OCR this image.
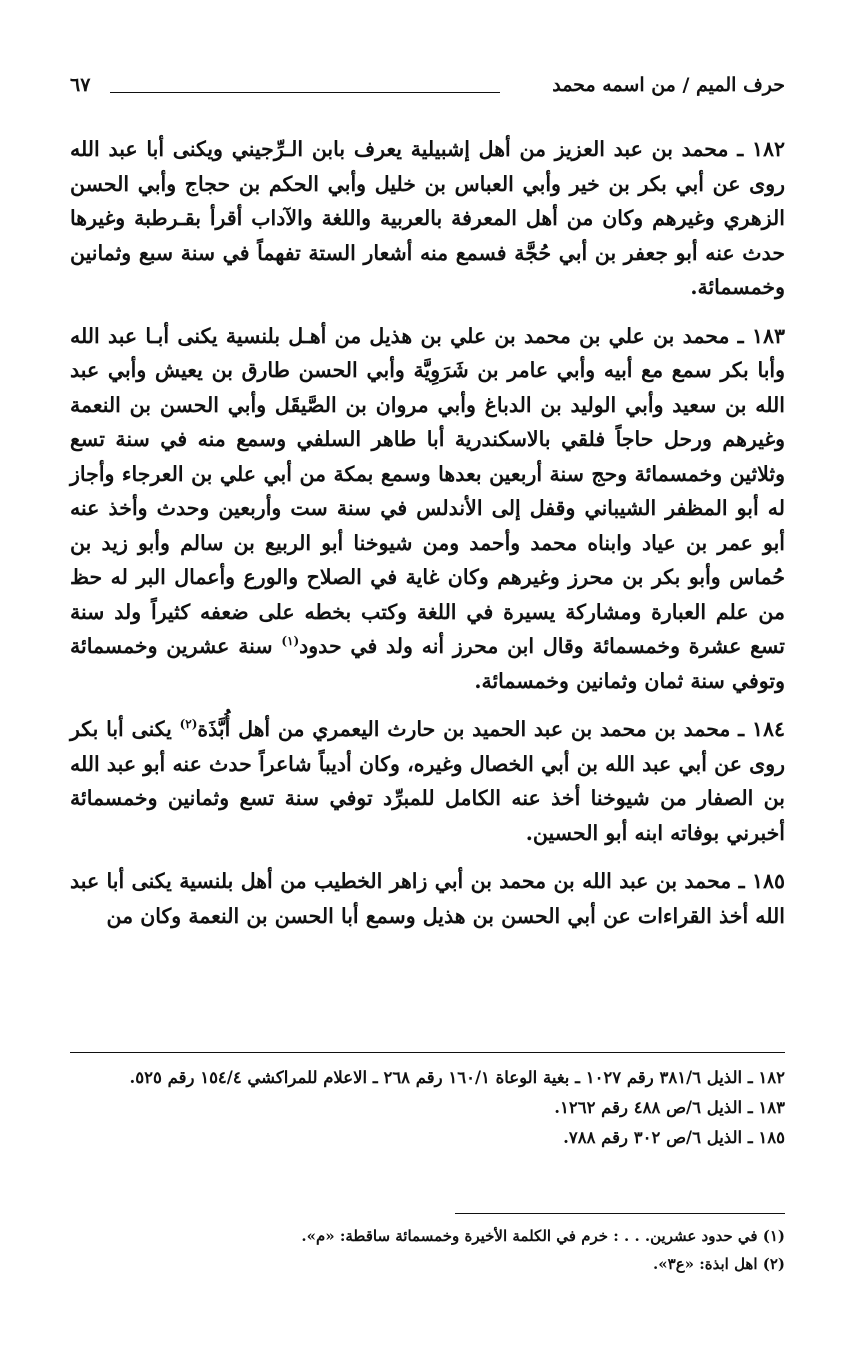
حرف الميم / من اسمه محمد
٦٧

١٨٢ ـ محمد بن عبد العزيز من أهل إشبيلية يعرف بابن الـرِّجيني ويكنى أبا عبد الله روى عن أبي بكر بن خير وأبي العباس بن خليل وأبي الحكم بن حجاج وأبي الحسن الزهري وغيرهم وكان من أهل المعرفة بالعربية واللغة والآداب أقرأ بقـرطبة وغيرها حدث عنه أبو جعفر بن أبي حُجَّة فسمع منه أشعار الستة تفهماً في سنة سبع وثمانين وخمسمائة.

١٨٣ ـ محمد بن علي بن محمد بن علي بن هذيل من أهـل بلنسية يكنى أبـا عبد الله وأبا بكر سمع مع أبيه وأبي عامر بن شَرَوِيَّة وأبي الحسن طارق بن يعيش وأبي عبد الله بن سعيد وأبي الوليد بن الدباغ وأبي مروان بن الصَّيقَل وأبي الحسن بن النعمة وغيرهم ورحل حاجاً فلقي بالاسكندرية أبا طاهر السلفي وسمع منه في سنة تسع وثلاثين وخمسمائة وحج سنة أربعين بعدها وسمع بمكة من أبي علي بن العرجاء وأجاز له أبو المظفر الشيباني وقفل إلى الأندلس في سنة ست وأربعين وحدث وأخذ عنه أبو عمر بن عياد وابناه محمد وأحمد ومن شيوخنا أبو الربيع بن سالم وأبو زيد بن حُماس وأبو بكر بن محرز وغيرهم وكان غاية في الصلاح والورع وأعمال البر له حظ من علم العبارة ومشاركة يسيرة في اللغة وكتب بخطه على ضعفه كثيراً ولد سنة تسع عشرة وخمسمائة وقال ابن محرز أنه ولد في حدود$^{(١)}$ سنة عشرين وخمسمائة وتوفي سنة ثمان وثمانين وخمسمائة.

١٨٤ ـ محمد بن محمد بن عبد الحميد بن حارث اليعمري من أهل أُبَّذَة$^{(٢)}$ يكنى أبا بكر روى عن أبي عبد الله بن أبي الخصال وغيره، وكان أديباً شاعراً حدث عنه أبو عبد الله بن الصفار من شيوخنا أخذ عنه الكامل للمبرِّد توفي سنة تسع وثمانين وخمسمائة أخبرني بوفاته ابنه أبو الحسين.

١٨٥ ـ محمد بن عبد الله بن محمد بن أبي زاهر الخطيب من أهل بلنسية يكنى أبا عبد الله أخذ القراءات عن أبي الحسن بن هذيل وسمع أبا الحسن بن النعمة وكان من

١٨٢ ـ الذيل ٣٨١/٦ رقم ١٠٢٧ ـ بغية الوعاة ١٦٠/١ رقم ٢٦٨ ـ الاعلام للمراكشي ١٥٤/٤ رقم ٥٢٥.

١٨٣ ـ الذيل ٦/ص ٤٨٨ رقم ١٢٦٢.

١٨٥ ـ الذيل ٦/ص ٣٠٢ رقم ٧٨٨.

(١) في حدود عشرين. . . : خرم في الكلمة الأخيرة وخمسمائة ساقطة: «م».

(٢) اهل ابذة: «ع٣».
